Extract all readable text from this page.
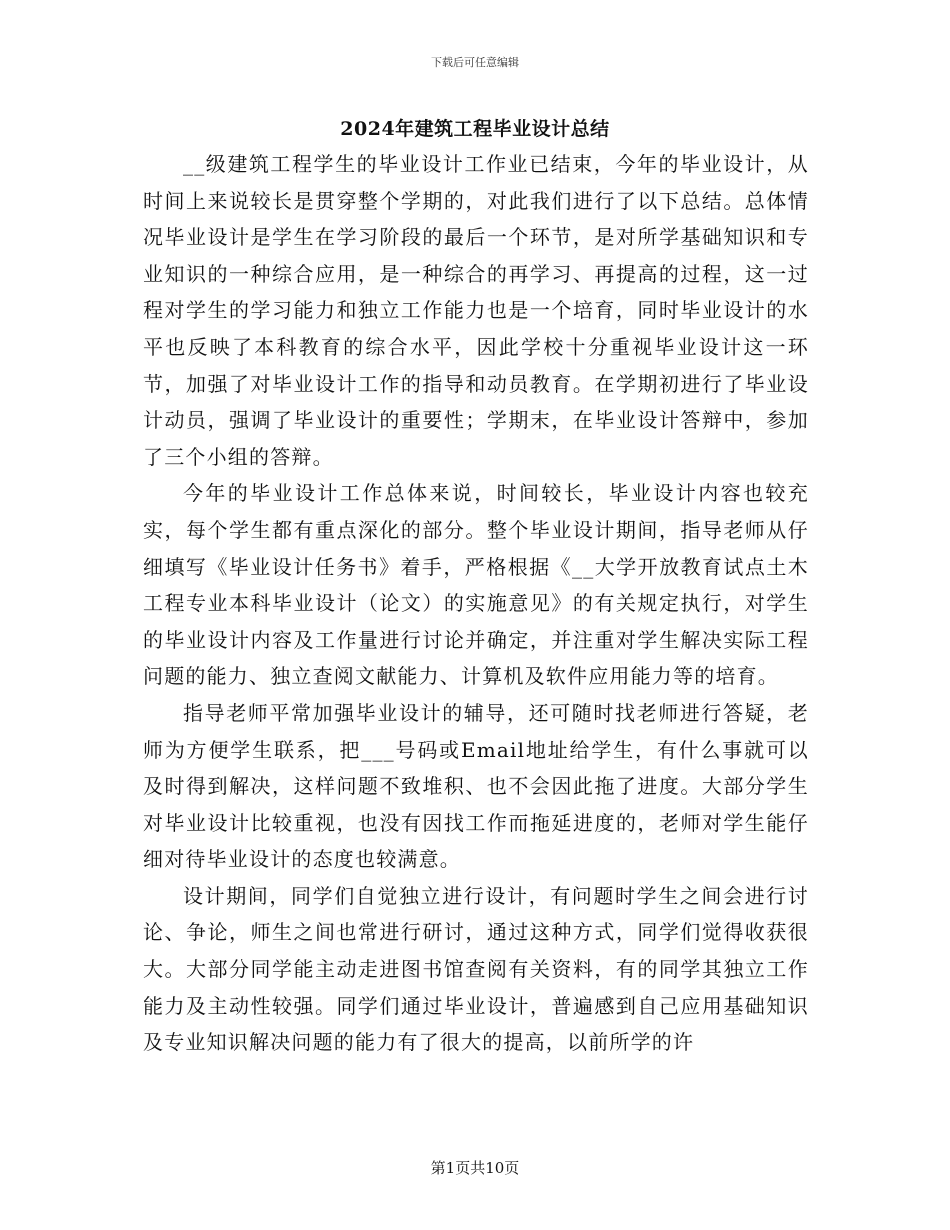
下载后可任意编辑
2024年建筑工程毕业设计总结

__级建筑工程学生的毕业设计工作业已结束，今年的毕业设计，从时间上来说较长是贯穿整个学期的，对此我们进行了以下总结。总体情况毕业设计是学生在学习阶段的最后一个环节，是对所学基础知识和专业知识的一种综合应用，是一种综合的再学习、再提高的过程，这一过程对学生的学习能力和独立工作能力也是一个培育，同时毕业设计的水平也反映了本科教育的综合水平，因此学校十分重视毕业设计这一环节，加强了对毕业设计工作的指导和动员教育。在学期初进行了毕业设计动员，强调了毕业设计的重要性；学期末，在毕业设计答辩中，参加了三个小组的答辩。

今年的毕业设计工作总体来说，时间较长，毕业设计内容也较充实，每个学生都有重点深化的部分。整个毕业设计期间，指导老师从仔细填写《毕业设计任务书》着手，严格根据《__大学开放教育试点土木工程专业本科毕业设计（论文）的实施意见》的有关规定执行，对学生的毕业设计内容及工作量进行讨论并确定，并注重对学生解决实际工程问题的能力、独立查阅文献能力、计算机及软件应用能力等的培育。

指导老师平常加强毕业设计的辅导，还可随时找老师进行答疑，老师为方便学生联系，把___号码或Email地址给学生，有什么事就可以及时得到解决，这样问题不致堆积、也不会因此拖了进度。大部分学生对毕业设计比较重视，也没有因找工作而拖延进度的，老师对学生能仔细对待毕业设计的态度也较满意。

设计期间，同学们自觉独立进行设计，有问题时学生之间会进行讨论、争论，师生之间也常进行研讨，通过这种方式，同学们觉得收获很大。大部分同学能主动走进图书馆查阅有关资料，有的同学其独立工作能力及主动性较强。同学们通过毕业设计，普遍感到自己应用基础知识及专业知识解决问题的能力有了很大的提高，以前所学的许

第1页共10页
